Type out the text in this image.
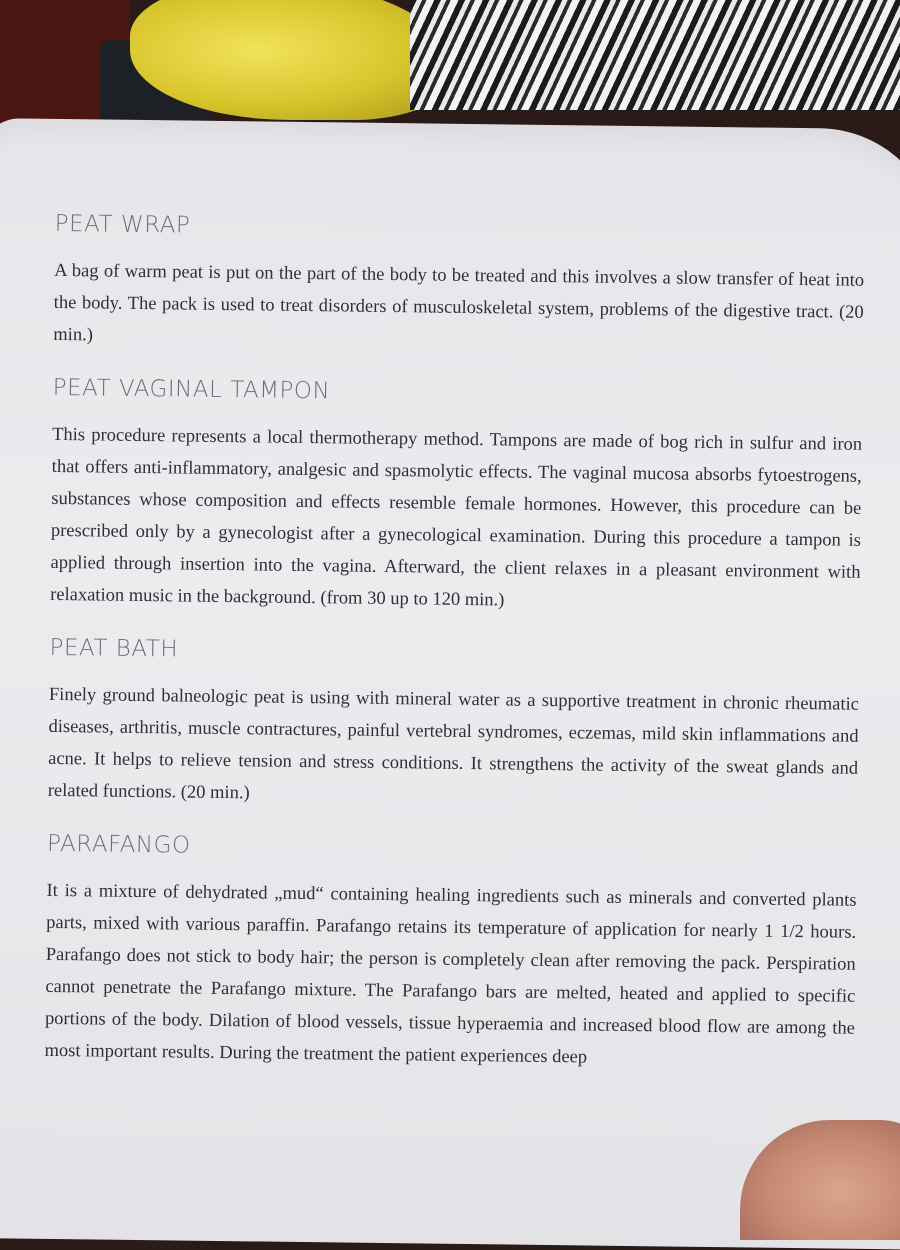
PEAT WRAP

A bag of warm peat is put on the part of the body to be treated and this involves a slow transfer of heat into the body. The pack is used to treat disorders of musculoskeletal system, problems of the digestive tract. (20 min.)

PEAT VAGINAL TAMPON

This procedure represents a local thermotherapy method. Tampons are made of bog rich in sulfur and iron that offers anti-inflammatory, analgesic and spasmolytic effects. The vaginal mucosa absorbs fytoestrogens, substances whose composition and effects resemble female hormones. However, this procedure can be prescribed only by a gynecologist after a gynecological examination. During this procedure a tampon is applied through insertion into the vagina. Afterward, the client relaxes in a pleasant environment with relaxation music in the background. (from 30 up to 120 min.)

PEAT BATH

Finely ground balneologic peat is using with mineral water as a supportive treatment in chronic rheumatic diseases, arthritis, muscle contractures, painful vertebral syndromes, eczemas, mild skin inflammations and acne. It helps to relieve tension and stress conditions. It strengthens the activity of the sweat glands and related functions. (20 min.)

PARAFANGO

It is a mixture of dehydrated „mud“ containing healing ingredients such as minerals and converted plants parts, mixed with various paraffin. Parafango retains its temperature of application for nearly 1 1/2 hours. Parafango does not stick to body hair; the person is completely clean after removing the pack. Perspiration cannot penetrate the Parafango mixture. The Parafango bars are melted, heated and applied to specific portions of the body. Dilation of blood vessels, tissue hyperaemia and increased blood flow are among the most important results. During the treatment the patient experiences deep
